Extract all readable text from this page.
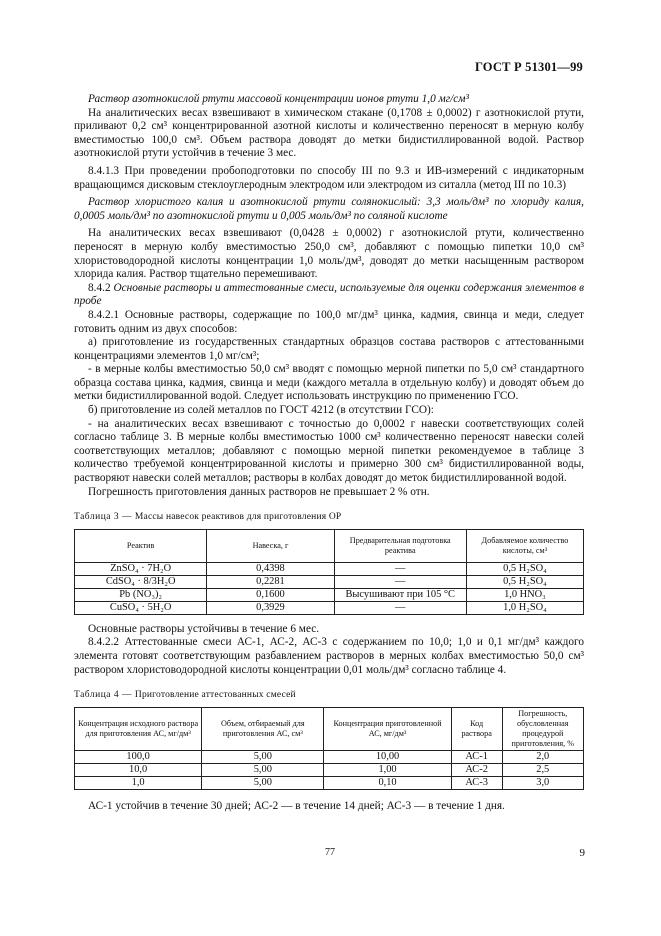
ГОСТ Р 51301—99

Раствор азотнокислой ртути массовой концентрации ионов ртути 1,0 мг/см³

На аналитических весах взвешивают в химическом стакане (0,1708 ± 0,0002) г азотнокислой ртути, приливают 0,2 см³ концентрированной азотной кислоты и количественно переносят в мерную колбу вместимостью 100,0 см³. Объем раствора доводят до метки бидистиллированной водой. Раствор азотнокислой ртути устойчив в течение 3 мес.

8.4.1.3 При проведении пробоподготовки по способу III по 9.3 и ИВ-измерений с индикаторным вращающимся дисковым стеклоуглеродным электродом или электродом из ситалла (метод III по 10.3)

Раствор хлористого калия и азотнокислой ртути солянокислый: 3,3 моль/дм³ по хлориду калия, 0,0005 моль/дм³ по азотнокислой ртути и 0,005 моль/дм³ по соляной кислоте

На аналитических весах взвешивают (0,0428 ± 0,0002) г азотнокислой ртути, количественно переносят в мерную колбу вместимостью 250,0 см³, добавляют с помощью пипетки 10,0 см³ хлористоводородной кислоты концентрации 1,0 моль/дм³, доводят до метки насыщенным раствором хлорида калия. Раствор тщательно перемешивают.

8.4.2 Основные растворы и аттестованные смеси, используемые для оценки содержания элементов в пробе

8.4.2.1 Основные растворы, содержащие по 100,0 мг/дм³ цинка, кадмия, свинца и меди, следует готовить одним из двух способов:

а) приготовление из государственных стандартных образцов состава растворов с аттестованными концентрациями элементов 1,0 мг/см³;

- в мерные колбы вместимостью 50,0 см³ вводят с помощью мерной пипетки по 5,0 см³ стандартного образца состава цинка, кадмия, свинца и меди (каждого металла в отдельную колбу) и доводят объем до метки бидистиллированной водой. Следует использовать инструкцию по применению ГСО.

б) приготовление из солей металлов по ГОСТ 4212 (в отсутствии ГСО):

- на аналитических весах взвешивают с точностью до 0,0002 г навески соответствующих солей согласно таблице 3. В мерные колбы вместимостью 1000 см³ количественно переносят навески солей соответствующих металлов; добавляют с помощью мерной пипетки рекомендуемое в таблице 3 количество требуемой концентрированной кислоты и примерно 300 см³ бидистиллированной воды, растворяют навески солей металлов; растворы в колбах доводят до меток бидистиллированной водой.

Погрешность приготовления данных растворов не превышает 2 % отн.

Таблица 3 — Массы навесок реактивов для приготовления ОР

Реактив	Навеска, г	Предварительная подготовка реактива	Добавляемое количество кислоты, см³
ZnSO₄ · 7H₂O	0,4398	—	0,5 H₂SO₄
CdSO₄ · 8/3H₂O	0,2281	—	0,5 H₂SO₄
Pb (NO₃)₂	0,1600	Высушивают при 105 °С	1,0 HNO₃
CuSO₄ · 5H₂O	0,3929	—	1,0 H₂SO₄

Основные растворы устойчивы в течение 6 мес.

8.4.2.2 Аттестованные смеси АС-1, АС-2, АС-3 с содержанием по 10,0; 1,0 и 0,1 мг/дм³ каждого элемента готовят соответствующим разбавлением растворов в мерных колбах вместимостью 50,0 см³ раствором хлористоводородной кислоты концентрации 0,01 моль/дм³ согласно таблице 4.

Таблица 4 — Приготовление аттестованных смесей

Концентрация исходного раствора для приготовления АС, мг/дм³	Объем, отбираемый для приготовления АС, см³	Концентрация приготовленной АС, мг/дм³	Код раствора	Погрешность, обусловленная процедурой приготовления, %
100,0	5,00	10,00	АС-1	2,0
10,0	5,00	1,00	АС-2	2,5
1,0	5,00	0,10	АС-3	3,0

АС-1 устойчив в течение 30 дней; АС-2 — в течение 14 дней; АС-3 — в течение 1 дня.

77	9
